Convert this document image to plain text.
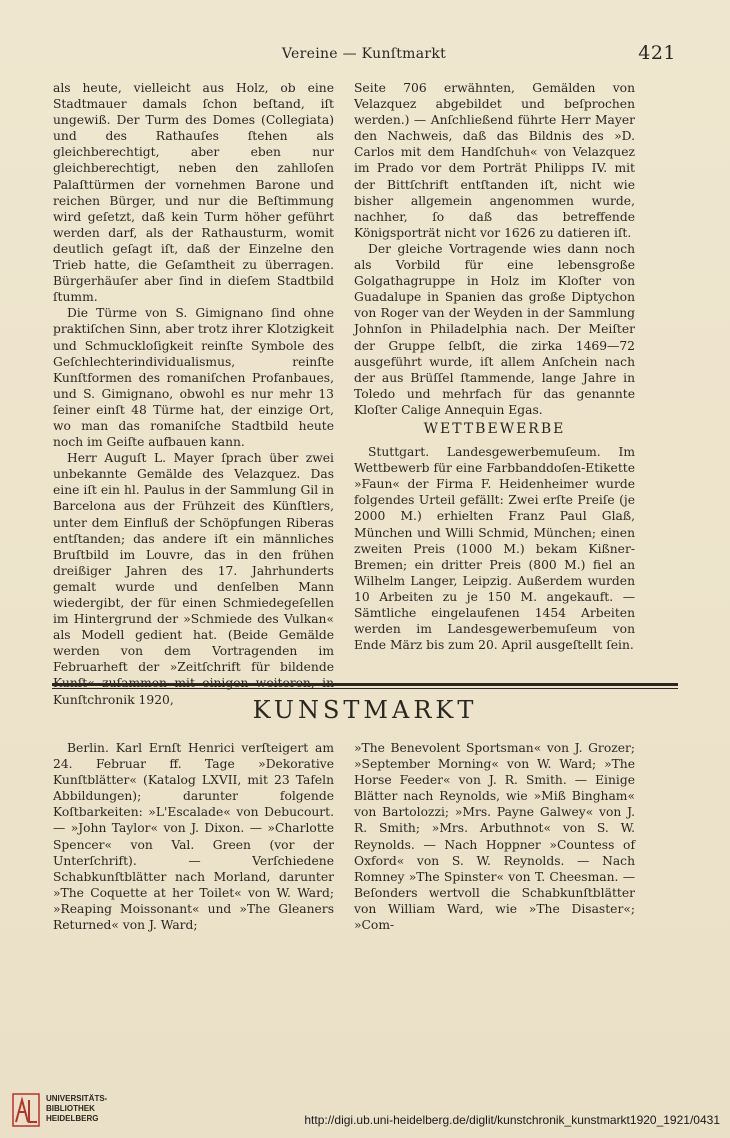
Vereine — Kunſtmarkt	421

als heute, vielleicht aus Holz, ob eine Stadtmauer damals ſchon beſtand, iſt ungewiß. Der Turm des Domes (Collegiata) und des Rathauſes ſtehen als gleichberechtigt, aber eben nur gleichberechtigt, neben den zahlloſen Palaſttürmen der vornehmen Barone und reichen Bürger, und nur die Beſtimmung wird geſetzt, daß kein Turm höher geführt werden darf, als der Rathausturm, womit deutlich geſagt iſt, daß der Einzelne den Trieb hatte, die Geſamtheit zu überragen. Bürgerhäuſer aber ſind in dieſem Stadtbild ſtumm.

Die Türme von S. Gimignano ſind ohne praktiſchen Sinn, aber trotz ihrer Klotzigkeit und Schmuckloſigkeit reinſte Symbole des Geſchlechterindividualismus, reinſte Kunſtformen des romaniſchen Profanbaues, und S. Gimignano, obwohl es nur mehr 13 ſeiner einſt 48 Türme hat, der einzige Ort, wo man das romaniſche Stadtbild heute noch im Geiſte aufbauen kann.

Herr Auguſt L. Mayer ſprach über zwei unbekannte Gemälde des Velazquez. Das eine iſt ein hl. Paulus in der Sammlung Gil in Barcelona aus der Frühzeit des Künſtlers, unter dem Einfluß der Schöpfungen Riberas entſtanden; das andere iſt ein männliches Bruſtbild im Louvre, das in den frühen dreißiger Jahren des 17. Jahrhunderts gemalt wurde und denſelben Mann wiedergibt, der für einen Schmiedegeſellen im Hintergrund der »Schmiede des Vulkan« als Modell gedient hat. (Beide Gemälde werden von dem Vortragenden im Februarheft der »Zeitſchrift für bildende Kunſtchronik 1920,

Seite 706 erwähnten, Gemälden von Velazquez abgebildet und beſprochen werden.) — Anſchließend führte Herr Mayer den Nachweis, daß das Bildnis des »D. Carlos mit dem Handſchuh« von Velazquez im Prado vor dem Porträt Philipps IV. mit der Bittſchrift entſtanden iſt, nicht wie bisher allgemein angenommen wurde, nachher, ſo daß das betreffende Königsporträt nicht vor 1626 zu datieren iſt.

Der gleiche Vortragende wies dann noch als Vorbild für eine lebensgroße Golgathagruppe in Holz im Kloſter von Guadalupe in Spanien das große Diptychon von Roger van der Weyden in der Sammlung Johnſon in Philadelphia nach. Der Meiſter der Gruppe ſelbſt, die zirka 1469—72 ausgeführt wurde, iſt allem Anſchein nach der aus Brüſſel ſtammende, lange Jahre in Toledo und mehrfach für das genannte Kloſter Calige Annequin Egas.

WETTBEWERBE

Stuttgart. Landesgewerbemuſeum. Im Wettbewerb für eine Farbbanddoſen-Etikette »Faun« der Firma F. Heidenheimer wurde folgendes Urteil gefällt: Zwei erſte Preiſe (je 2000 M.) erhielten Franz Paul Glaß, München und Willi Schmid, München; einen zweiten Preis (1000 M.) bekam Kißner-Bremen; ein dritter Preis (800 M.) fiel an Wilhelm Langer, Leipzig. Außerdem wurden 10 Arbeiten zu je 150 M. angekauft. — Sämtliche eingelaufenen 1454 Arbeiten werden im Landesgewerbemuſeum von Ende März bis zum 20. April ausgeſtellt ſein.

KUNSTMARKT

Berlin. Karl Ernſt Henrici verſteigert am 24. Februar ff. Tage »Dekorative Kunſtblätter« (Katalog LXVII, mit 23 Tafeln Abbildungen); darunter folgende Koſtbarkeiten: »L'Escalade« von Debucourt. — »John Taylor« von J. Dixon. — »Charlotte Spencer« von Val. Green (vor der Unterſchrift). — Verſchiedene Schabkunſtblätter nach Morland, darunter »The Coquette at her Toilet« von W. Ward; »Reaping Moissonant« und »The Gleaners Returned« von J. Ward;

»The Benevolent Sportsman« von J. Grozer; »September Morning« von W. Ward; »The Horse Feeder« von J. R. Smith. — Einige Blätter nach Reynolds, wie »Miß Bingham« von Bartolozzi; »Mrs. Payne Galwey« von J. R. Smith; »Mrs. Arbuthnot« von S. W. Reynolds. — Nach Hoppner »Countess of Oxford« von S. W. Reynolds. — Nach Romney »The Spinster« von T. Cheesman. — Beſonders wertvoll die Schabkunſtblätter von William Ward, wie »The Disaster«; »Com-

UNIVERSITÄTS-
BIBLIOTHEK
HEIDELBERG	http://digi.ub.uni-heidelberg.de/diglit/kunstchronik_kunstmarkt1920_1921/0431
